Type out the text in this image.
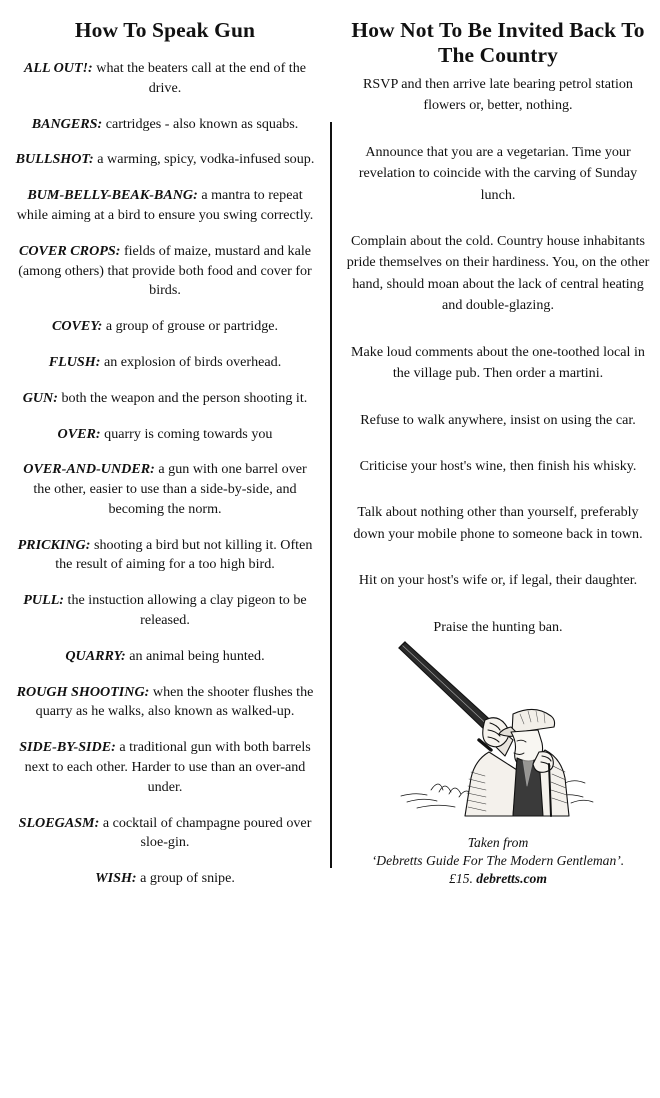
How To Speak Gun
ALL OUT!: what the beaters call at the end of the drive.
BANGERS: cartridges - also known as squabs.
BULLSHOT: a warming, spicy, vodka-infused soup.
BUM-BELLY-BEAK-BANG: a mantra to repeat while aiming at a bird to ensure you swing correctly.
COVER CROPS: fields of maize, mustard and kale (among others) that provide both food and cover for birds.
COVEY: a group of grouse or partridge.
FLUSH: an explosion of birds overhead.
GUN: both the weapon and the person shooting it.
OVER: quarry is coming towards you
OVER-AND-UNDER: a gun with one barrel over the other, easier to use than a side-by-side, and becoming the norm.
PRICKING: shooting a bird but not killing it. Often the result of aiming for a too high bird.
PULL: the instuction allowing a clay pigeon to be released.
QUARRY: an animal being hunted.
ROUGH SHOOTING: when the shooter flushes the quarry as he walks, also known as walked-up.
SIDE-BY-SIDE: a traditional gun with both barrels next to each other. Harder to use than an over-and under.
SLOEGASM: a cocktail of champagne poured over sloe-gin.
WISH: a group of snipe.
How Not To Be Invited Back To The Country
RSVP and then arrive late bearing petrol station flowers or, better, nothing.
Announce that you are a vegetarian. Time your revelation to coincide with the carving of Sunday lunch.
Complain about the cold. Country house inhabitants pride themselves on their hardiness. You, on the other hand, should moan about the lack of central heating and double-glazing.
Make loud comments about the one-toothed local in the village pub. Then order a martini.
Refuse to walk anywhere, insist on using the car.
Criticise your host's wine, then finish his whisky.
Talk about nothing other than yourself, preferably down your mobile phone to someone back in town.
Hit on your host's wife or, if legal, their daughter.
Praise the hunting ban.
Taken from
‘Debretts Guide For The Modern Gentleman’.
£15. debretts.com
